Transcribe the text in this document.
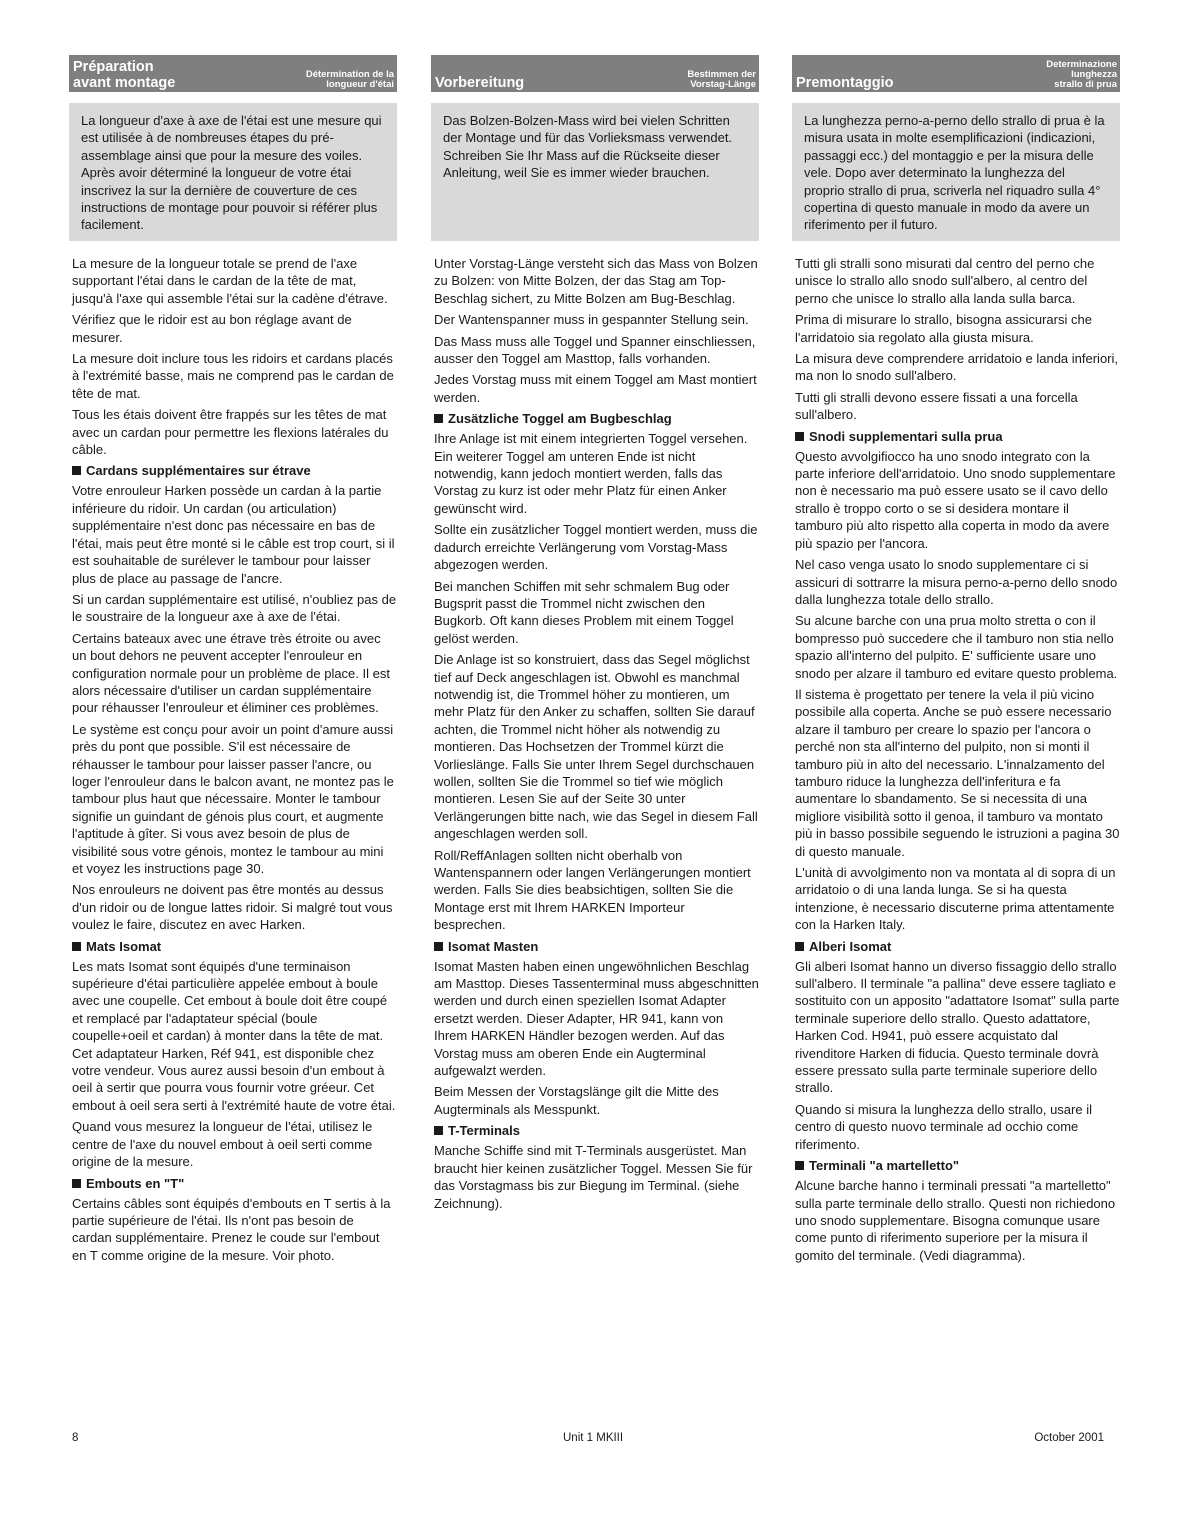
Préparation
avant montage	Détermination de la
longueur d'étai
La longueur d'axe à axe de l'étai est une mesure qui est utilisée à de nombreuses étapes du pré-assemblage ainsi que pour la mesure des voiles. Après avoir déterminé la longueur de votre étai inscrivez la sur la dernière de couverture de ces instructions de montage pour pouvoir si référer plus facilement.
La mesure de la longueur totale se prend de l'axe supportant l'étai dans le cardan de la tête de mat, jusqu'à l'axe qui assemble l'étai sur la cadène d'étrave.
Vérifiez que le ridoir est au bon réglage avant de mesurer.
La mesure doit inclure tous les ridoirs et cardans placés à l'extrémité basse, mais ne comprend pas le cardan de tête de mat.
Tous les étais doivent être frappés sur les têtes de mat avec un cardan pour permettre les flexions latérales du câble.
Cardans supplémentaires sur étrave
Votre enrouleur Harken possède un cardan à la partie inférieure du ridoir. Un cardan (ou articulation) supplémentaire n'est donc pas nécessaire en bas de l'étai, mais peut être monté si le câble est trop court, si il est souhaitable de surélever le tambour pour laisser plus de place au passage de l'ancre.
Si un cardan supplémentaire est utilisé, n'oubliez pas de le soustraire de la longueur axe à axe de l'étai.
Certains bateaux avec une étrave très étroite ou avec un bout dehors ne peuvent accepter l'enrouleur en configuration normale pour un problème de place. Il est alors nécessaire d'utiliser un cardan supplémentaire pour réhausser l'enrouleur et éliminer ces problèmes.
Le système est conçu pour avoir un point d'amure aussi près du pont que possible. S'il est nécessaire de réhausser le tambour pour laisser passer l'ancre, ou loger l'enrouleur dans le balcon avant, ne montez pas le tambour plus haut que nécessaire. Monter le tambour signifie un guindant de génois plus court, et augmente l'aptitude à gîter. Si vous avez besoin de plus de visibilité sous votre génois, montez le tambour au mini et voyez les instructions page 30.
Nos enrouleurs ne doivent pas être montés au dessus d'un ridoir ou de longue lattes ridoir. Si malgré tout vous voulez le faire, discutez en avec Harken.
Mats Isomat
Les mats Isomat sont équipés d'une terminaison supérieure d'étai particulière appelée embout à boule avec une coupelle. Cet embout à boule doit être coupé et remplacé par l'adaptateur spécial (boule coupelle+oeil et cardan) à monter dans la tête de mat. Cet adaptateur Harken, Réf 941, est disponible chez votre vendeur. Vous aurez aussi besoin d'un embout à oeil à sertir que pourra vous fournir votre gréeur. Cet embout à oeil sera serti à l'extrémité haute de votre étai.
Quand vous mesurez la longueur de l'étai, utilisez le centre de l'axe du nouvel embout à oeil serti comme origine de la mesure.
Embouts en "T"
Certains câbles sont équipés d'embouts en T sertis à la partie supérieure de l'étai. Ils n'ont pas besoin de cardan supplémentaire. Prenez le coude sur l'embout en T comme origine de la mesure. Voir photo.
Vorbereitung	Bestimmen der
Vorstag-Länge
Das Bolzen-Bolzen-Mass wird bei vielen Schritten der Montage und für das Vorlieksmass verwendet. Schreiben Sie Ihr Mass auf die Rückseite dieser Anleitung, weil Sie es immer wieder brauchen.
Unter Vorstag-Länge versteht sich das Mass von Bolzen zu Bolzen: von Mitte Bolzen, der das Stag am Top-Beschlag sichert, zu Mitte Bolzen am Bug-Beschlag.
Der Wantenspanner muss in gespannter Stellung sein.
Das Mass muss alle Toggel und Spanner einschliessen, ausser den Toggel am Masttop, falls vorhanden.
Jedes Vorstag muss mit einem Toggel am Mast montiert werden.
Zusätzliche Toggel am Bugbeschlag
Ihre Anlage ist mit einem integrierten Toggel versehen. Ein weiterer Toggel am unteren Ende ist nicht notwendig, kann jedoch montiert werden, falls das Vorstag zu kurz ist oder mehr Platz für einen Anker gewünscht wird.
Sollte ein zusätzlicher Toggel montiert werden, muss die dadurch erreichte Verlängerung vom Vorstag-Mass abgezogen werden.
Bei manchen Schiffen mit sehr schmalem Bug oder Bugsprit passt die Trommel nicht zwischen den Bugkorb. Oft kann dieses Problem mit einem Toggel gelöst werden.
Die Anlage ist so konstruiert, dass das Segel möglichst tief auf Deck angeschlagen ist. Obwohl es manchmal notwendig ist, die Trommel höher zu montieren, um mehr Platz für den Anker zu schaffen, sollten Sie darauf achten, die Trommel nicht höher als notwendig zu montieren. Das Hochsetzen der Trommel kürzt die Vorlieslänge. Falls Sie unter Ihrem Segel durchschauen wollen, sollten Sie die Trommel so tief wie möglich montieren. Lesen Sie auf der Seite 30 unter Verlängerungen bitte nach, wie das Segel in diesem Fall angeschlagen werden soll.
Roll/ReffAnlagen sollten nicht oberhalb von Wantenspannern oder langen Verlängerungen montiert werden. Falls Sie dies beabsichtigen, sollten Sie die Montage erst mit Ihrem HARKEN Importeur besprechen.
Isomat Masten
Isomat Masten haben einen ungewöhnlichen Beschlag am Masttop. Dieses Tassenterminal muss abgeschnitten werden und durch einen speziellen Isomat Adapter ersetzt werden. Dieser Adapter, HR 941, kann von Ihrem HARKEN Händler bezogen werden. Auf das Vorstag muss am oberen Ende ein Augterminal aufgewalzt werden.
Beim Messen der Vorstagslänge gilt die Mitte des Augterminals als Messpunkt.
T-Terminals
Manche Schiffe sind mit T-Terminals ausgerüstet. Man braucht hier keinen zusätzlicher Toggel. Messen Sie für das Vorstagmass bis zur Biegung im Terminal. (siehe Zeichnung).
Premontaggio
Determinazione
lunghezza
strallo di prua
La lunghezza perno-a-perno dello strallo di prua è la misura usata in molte esemplificazioni (indicazioni, passaggi ecc.) del montaggio e per la misura delle vele. Dopo aver determinato la lunghezza del proprio strallo di prua, scriverla nel riquadro sulla 4° copertina di questo manuale in modo da avere un riferimento per il futuro.
Tutti gli stralli sono misurati dal centro del perno che unisce lo strallo allo snodo sull'albero, al centro del perno che unisce lo strallo alla landa sulla barca.
Prima di misurare lo strallo, bisogna assicurarsi che l'arridatoio sia regolato alla giusta misura.
La misura deve comprendere arridatoio e landa inferiori, ma non lo snodo sull'albero.
Tutti gli stralli devono essere fissati a una forcella sull'albero.
Snodi supplementari sulla prua
Questo avvolgifiocco ha uno snodo integrato con la parte inferiore dell'arridatoio. Uno snodo supplementare non è necessario ma può essere usato se il cavo dello strallo è troppo corto o se si desidera montare il tamburo più alto rispetto alla coperta in modo da avere più spazio per l'ancora.
Nel caso venga usato lo snodo supplementare ci si assicuri di sottrarre la misura perno-a-perno dello snodo dalla lunghezza totale dello strallo.
Su alcune barche con una prua molto stretta o con il bompresso può succedere che il tamburo non stia nello spazio all'interno del pulpito. E' sufficiente usare uno snodo per alzare il tamburo ed evitare questo problema.
Il sistema è progettato per tenere la vela il più vicino possibile alla coperta. Anche se può essere necessario alzare il tamburo per creare lo spazio per l'ancora o perché non sta all'interno del pulpito, non si monti il tamburo più in alto del necessario. L'innalzamento del tamburo riduce la lunghezza dell'inferitura e fa aumentare lo sbandamento. Se si necessita di una migliore visibilità sotto il genoa, il tamburo va montato più in basso possibile seguendo le istruzioni a pagina 30 di questo manuale.
L'unità di avvolgimento non va montata al di sopra di un arridatoio o di una landa lunga. Se si ha questa intenzione, è necessario discuterne prima attentamente con la Harken Italy.
Alberi Isomat
Gli alberi Isomat hanno un diverso fissaggio dello strallo sull'albero. Il terminale "a pallina" deve essere tagliato e sostituito con un apposito "adattatore Isomat" sulla parte terminale superiore dello strallo. Questo adattatore, Harken Cod. H941, può essere acquistato dal rivenditore Harken di fiducia. Questo terminale dovrà essere pressato sulla parte terminale superiore dello strallo.
Quando si misura la lunghezza dello strallo, usare il centro di questo nuovo terminale ad occhio come riferimento.
Terminali "a martelletto"
Alcune barche hanno i terminali pressati "a martelletto" sulla parte terminale dello strallo. Questi non richiedono uno snodo supplementare. Bisogna comunque usare come punto di riferimento superiore per la misura il gomito del terminale. (Vedi diagramma).
8	Unit 1 MKIII	October 2001
